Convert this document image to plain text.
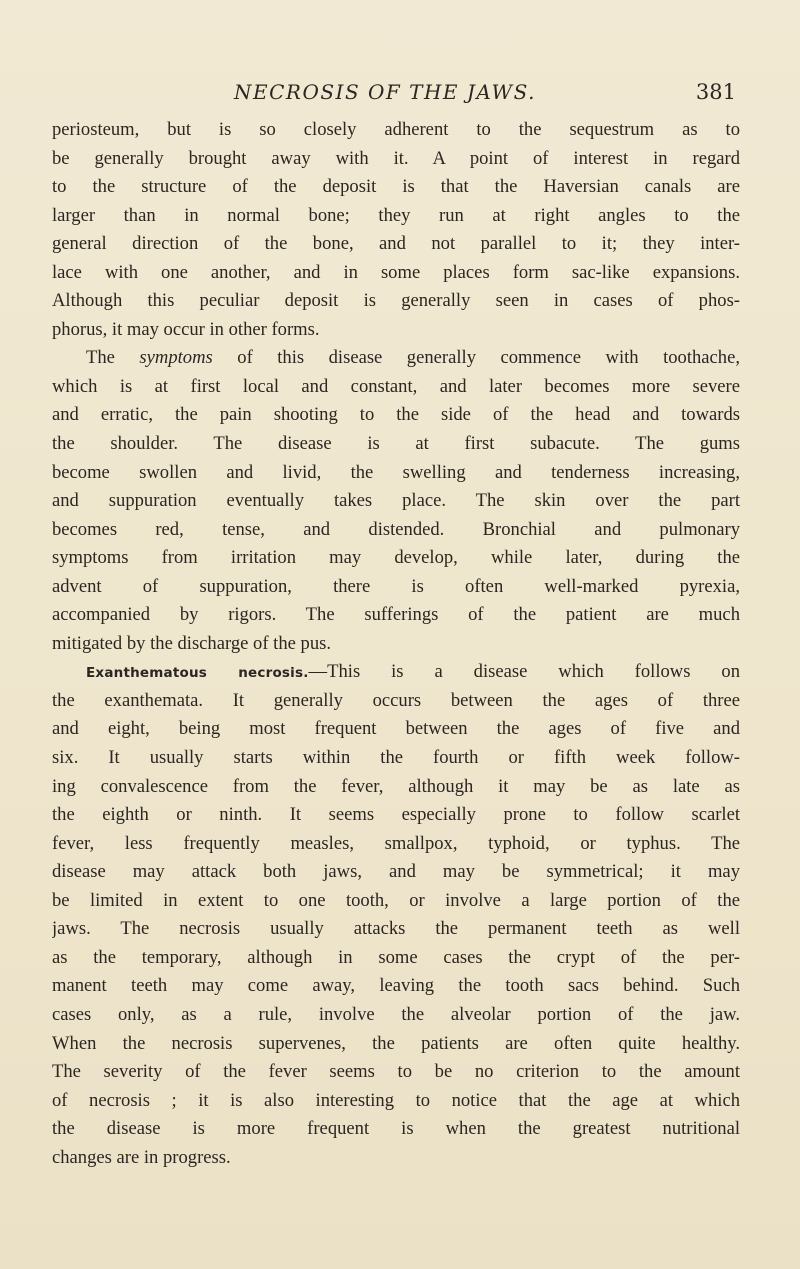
NECROSIS OF THE JAWS.	381
periosteum, but is so closely adherent to the sequestrum as to
be generally brought away with it. A point of interest in regard
to the structure of the deposit is that the Haversian canals are
larger than in normal bone; they run at right angles to the
general direction of the bone, and not parallel to it; they inter-
lace with one another, and in some places form sac-like expansions.
Although this peculiar deposit is generally seen in cases of phos-
phorus, it may occur in other forms.
The symptoms of this disease generally commence with toothache,
which is at first local and constant, and later becomes more severe
and erratic, the pain shooting to the side of the head and towards
the shoulder. The disease is at first subacute. The gums
become swollen and livid, the swelling and tenderness increasing,
and suppuration eventually takes place. The skin over the part
becomes red, tense, and distended. Bronchial and pulmonary
symptoms from irritation may develop, while later, during the
advent of suppuration, there is often well-marked pyrexia,
accompanied by rigors. The sufferings of the patient are much
mitigated by the discharge of the pus.
Exanthematous necrosis.—This is a disease which follows on
the exanthemata. It generally occurs between the ages of three
and eight, being most frequent between the ages of five and
six. It usually starts within the fourth or fifth week follow-
ing convalescence from the fever, although it may be as late as
the eighth or ninth. It seems especially prone to follow scarlet
fever, less frequently measles, smallpox, typhoid, or typhus. The
disease may attack both jaws, and may be symmetrical; it may
be limited in extent to one tooth, or involve a large portion of the
jaws. The necrosis usually attacks the permanent teeth as well
as the temporary, although in some cases the crypt of the per-
manent teeth may come away, leaving the tooth sacs behind. Such
cases only, as a rule, involve the alveolar portion of the jaw.
When the necrosis supervenes, the patients are often quite healthy.
The severity of the fever seems to be no criterion to the amount
of necrosis ; it is also interesting to notice that the age at which
the disease is more frequent is when the greatest nutritional
changes are in progress.
